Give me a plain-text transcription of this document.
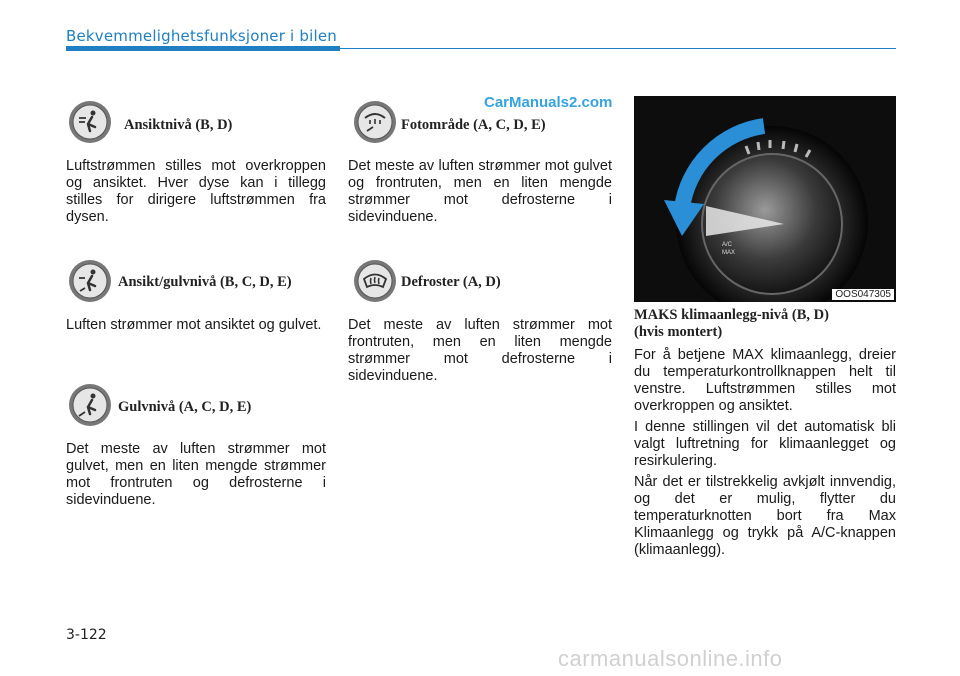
Bekvemmelighetsfunksjoner i bilen
CarManuals2.com
Ansiktnivå (B, D)
Luftstrømmen stilles mot overkroppen og ansiktet. Hver dyse kan i tillegg stilles for dirigere luftstrømmen fra dysen.
Ansikt/gulvnivå (B, C, D, E)
Luften strømmer mot ansiktet og gulvet.
Gulvnivå (A, C, D, E)
Det meste av luften strømmer mot gulvet, men en liten mengde strømmer mot frontruten og defrosterne i sidevinduene.
Fotområde (A, C, D, E)
Det meste av luften strømmer mot gulvet og frontruten, men en liten mengde strømmer mot defrosterne i sidevinduene.
Defroster (A, D)
Det meste av luften strømmer mot frontruten, men en liten mengde strømmer mot defrosterne i sidevinduene.
A/C
MAX
OOS047305
MAKS klimaanlegg-nivå (B, D)
(hvis montert)
For å betjene MAX klimaanlegg, dreier du temperaturkontrollknappen helt til venstre. Luftstrømmen stilles mot overkroppen og ansiktet.
I denne stillingen vil det automatisk bli valgt luftretning for klimaanlegget og resirkulering.
Når det er tilstrekkelig avkjølt innvendig, og det er mulig, flytter du temperaturknotten bort fra Max Klimaanlegg og trykk på A/C-knappen (klimaanlegg).
3-122
carmanualsonline.info
